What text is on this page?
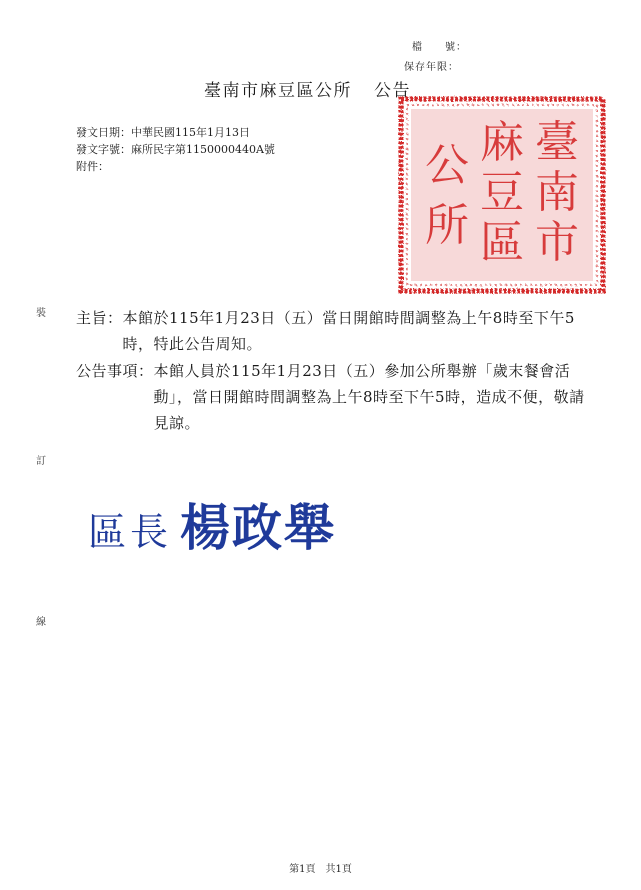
檔　　號：
保存年限：
臺南市麻豆區公所 公告
發文日期：中華民國115年1月13日
發文字號：麻所民字第1150000440A號
附件：	臺
南
市
麻
豆
區
公
所
裝
訂
線
主旨： 本館於115年1月23日（五）當日開館時間調整為上午8時至下午5時，特此公告周知。
公告事項： 本館人員於115年1月23日（五）參加公所舉辦「歲末餐會活動」，當日開館時間調整為上午8時至下午5時，造成不便，敬請見諒。
區長 楊政舉
第1頁 共1頁
